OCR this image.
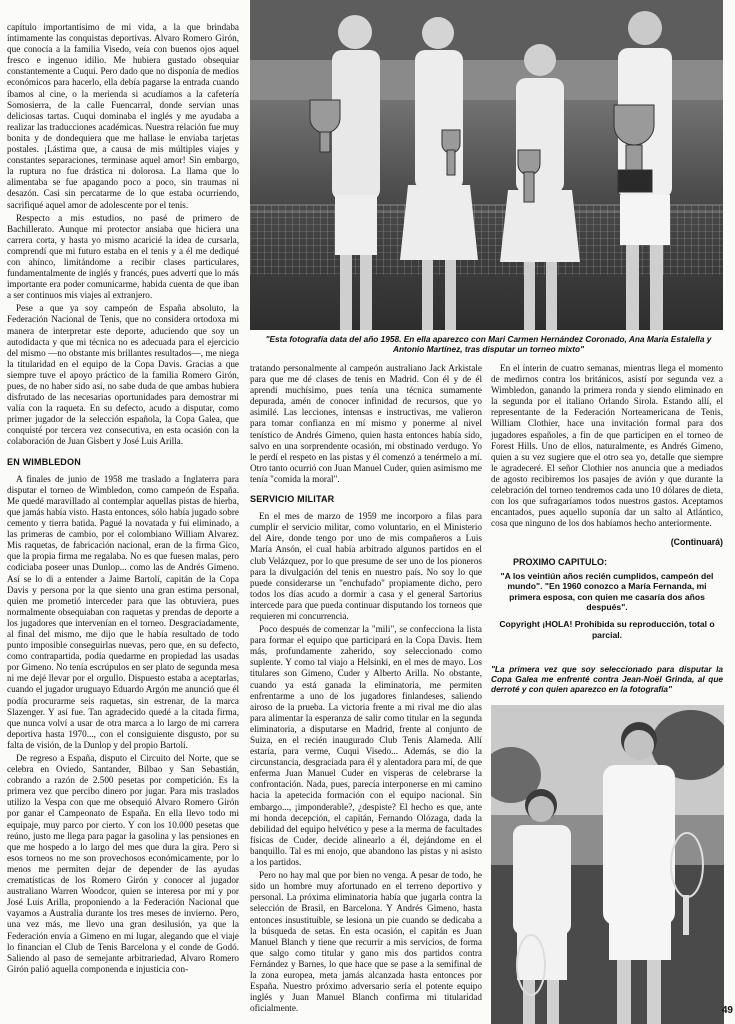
"Esta fotografía data del año 1958. En ella aparezco con Mari Carmen Hernández Coronado, Ana María Estalella y Antonio Martínez, tras disputar un torneo mixto"

capítulo importantísimo de mi vida, a la que brindaba íntimamente las conquistas deportivas. Alvaro Romero Girón, que conocía a la familia Visedo, veía con buenos ojos aquel fresco e ingenuo idilio. Me hubiera gustado obsequiar constantemente a Cuqui. Pero dado que no disponía de medios económicos para hacerlo, ella debía pagarse la entrada cuando íbamos al cine, o la merienda si acudíamos a la cafetería Somosierra, de la calle Fuencarral, donde servían unas deliciosas tartas. Cuqui dominaba el inglés y me ayudaba a realizar las traducciones académicas. Nuestra relación fue muy bonita y de dondequiera que me hallase le enviaba tarjetas postales. ¡Lástima que, a causa de mis múltiples viajes y constantes separaciones, terminase aquel amor! Sin embargo, la ruptura no fue drástica ni dolorosa. La llama que lo alimentaba se fue apagando poco a poco, sin traumas ni desazón. Casi sin percatarme de lo que estaba ocurriendo, sacrifiqué aquel amor de adolescente por el tenis.

Respecto a mis estudios, no pasé de primero de Bachillerato. Aunque mi protector ansiaba que hiciera una carrera corta, y hasta yo mismo acaricié la idea de cursarla, comprendí que mi futuro estaba en el tenis y a él me dediqué con ahínco, limitándome a recibir clases particulares, fundamentalmente de inglés y francés, pues advertí que lo más importante era poder comunicarme, habida cuenta de que iban a ser continuos mis viajes al extranjero.

Pese a que ya soy campeón de España absoluto, la Federación Nacional de Tenis, que no considera ortodoxa mi manera de interpretar este deporte, aduciendo que soy un autodidacta y que mi técnica no es adecuada para el ejercicio del mismo —no obstante mis brillantes resultados—, me niega la titularidad en el equipo de la Copa Davis. Gracias a que siempre tuve el apoyo práctico de la familia Romero Girón, pues, de no haber sido así, no sabe duda de que ambas hubiera disfrutado de las necesarias oportunidades para demostrar mi valía con la raqueta. En su defecto, acudo a disputar, como primer jugador de la selección española, la Copa Galea, que conquisté por tercera vez consecutiva, en esta ocasión con la colaboración de Juan Gisbert y José Luis Arilla.

EN WIMBLEDON

A finales de junio de 1958 me traslado a Inglaterra para disputar el torneo de Wimbledon, como campeón de España. Me quedé maravillado al contemplar aquellas pistas de hierba, que jamás había visto. Hasta entonces, sólo había jugado sobre cemento y tierra batida. Pagué la novatada y fui eliminado, a las primeras de cambio, por el colombiano William Alvarez. Mis raquetas, de fabricación nacional, eran de la firma Gico, que la propia firma me regalaba. No es que fuesen malas, pero codiciaba poseer unas Dunlop... como las de Andrés Gimeno. Así se lo di a entender a Jaime Bartolí, capitán de la Copa Davis y persona por la que siento una gran estima personal, quien me prometió interceder para que las obtuviera, pues normalmente obsequiaban con raquetas y prendas de deporte a los jugadores que intervenían en el torneo. Desgraciadamente, al final del mismo, me dijo que le había resultado de todo punto imposible conseguirlas nuevas, pero que, en su defecto, como contrapartida, podía quedarme en propiedad las usadas por Gimeno. No tenía escrúpulos en ser plato de segunda mesa ni me dejé llevar por el orgullo. Dispuesto estaba a aceptarlas, cuando el jugador uruguayo Eduardo Argón me anunció que él podía procurarme seis raquetas, sin estrenar, de la marca Slazenger. Y así fue. Tan agradecido quedé a la citada firma, que nunca volví a usar de otra marca a lo largo de mi carrera deportiva hasta 1970..., con el consiguiente disgusto, por su falta de visión, de la Dunlop y del propio Bartolí.

De regreso a España, disputo el Circuito del Norte, que se celebra en Oviedo, Santander, Bilbao y San Sebastián, cobrando a razón de 2.500 pesetas por competición. Es la primera vez que percibo dinero por jugar. Para mis traslados utilizo la Vespa con que me obsequió Alvaro Romero Girón por ganar el Campeonato de España. En ella llevo todo mi equipaje, muy parco por cierto. Y con los 10.000 pesetas que reúno, justo me llega para pagar la gasolina y las pensiones en que me hospedo a lo largo del mes que dura la gira. Pero si esos torneos no me son provechosos económicamente, por lo menos me permiten dejar de depender de las ayudas crematísticas de los Romero Girón y conocer al jugador australiano Warren Woodcor, quien se interesa por mí y por José Luis Arilla, proponiendo a la Federación Nacional que vayamos a Australia durante los tres meses de invierno. Pero, una vez más, me llevo una gran desilusión, ya que la Federación envía a Gimeno en mi lugar, alegando que el viaje lo financian el Club de Tenis Barcelona y el conde de Godó. Saliendo al paso de semejante arbitrariedad, Alvaro Romero Girón palió aquella componenda e injusticia con-

tratando personalmente al campeón australiano Jack Arkistale para que me dé clases de tenis en Madrid. Con él y de él aprendí muchísimo, pues tenía una técnica sumamente depurada, amén de conocer infinidad de recursos, que yo asimilé. Las lecciones, intensas e instructivas, me valieron para tomar confianza en mí mismo y ponerme al nivel tenístico de Andrés Gimeno, quien hasta entonces había sido, salvo en una sorprendente ocasión, mi obstinado verdugo. Yo le perdí el respeto en las pistas y él comenzó a tenérmelo a mí. Otro tanto ocurrió con Juan Manuel Cuder, quien asimismo me tenía "comida la moral".

SERVICIO MILITAR

En el mes de marzo de 1959 me incorporo a filas para cumplir el servicio militar, como voluntario, en el Ministerio del Aire, donde tengo por uno de mis compañeros a Luis María Ansón, el cual había arbitrado algunos partidos en el club Velázquez, por lo que presume de ser uno de los pioneros para la divulgación del tenis en nuestro país. No soy lo que puede considerarse un "enchufado" propiamente dicho, pero todos los días acudo a dormir a casa y el general Sartorius intercede para que pueda continuar disputando los torneos que requieren mi concurrencia.

Poco después de comenzar la "mili", se confecciona la lista para formar el equipo que participará en la Copa Davis. Item más, profundamente zaherido, soy seleccionado como suplente. Y como tal viajo a Helsinki, en el mes de mayo. Los titulares son Gimeno, Cuder y Alberto Arilla. No obstante, cuando ya está ganada la eliminatoria, me permiten enfrentarme a uno de los jugadores finlandeses, saliendo airoso de la prueba. La victoria frente a mi rival me dio alas para alimentar la esperanza de salir como titular en la segunda eliminatoria, a disputarse en Madrid, frente al conjunto de Suiza, en el recién inaugurado Club Tenis Alameda. Allí estaría, para verme, Cuqui Visedo... Además, se dio la circunstancia, desgraciada para él y alentadora para mí, de que enferma Juan Manuel Cuder en vísperas de celebrarse la confrontación. Nada, pues, parecía interponerse en mi camino hacia la apetecida formación con el equipo nacional. Sin embargo..., ¡imponderable?, ¿despiste? El hecho es que, ante mi honda decepción, el capitán, Fernando Olózaga, dada la debilidad del equipo helvético y pese a la merma de facultades físicas de Cuder, decide alinearlo a él, dejándome en el banquillo. Tal es mi enojo, que abandono las pistas y ni asisto a los partidos.

Pero no hay mal que por bien no venga. A pesar de todo, he sido un hombre muy afortunado en el terreno deportivo y personal. La próxima eliminatoria había que jugarla contra la selección de Brasil, en Barcelona. Y Andrés Gimeno, hasta entonces insustituible, se lesiona un pie cuando se dedicaba a la búsqueda de setas. En esta ocasión, el capitán es Juan Manuel Blanch y tiene que recurrir a mis servicios, de forma que salgo como titular y gano mis dos partidos contra Fernández y Barnes, lo que hace que se pase a la semifinal de la zona europea, meta jamás alcanzada hasta entonces por España. Nuestro próximo adversario sería el potente equipo inglés y Juan Manuel Blanch confirma mi titularidad oficialmente.

En el ínterin de cuatro semanas, mientras llega el momento de medirnos contra los británicos, asistí por segunda vez a Wimbledon, ganando la primera ronda y siendo eliminado en la segunda por el italiano Orlando Sirola. Estando allí, el representante de la Federación Norteamericana de Tenis, William Clothier, hace una invitación formal para dos jugadores españoles, a fin de que participen en el torneo de Forest Hills. Uno de ellos, naturalmente, es Andrés Gimeno, quien a su vez sugiere que el otro sea yo, detalle que siempre le agradeceré. El señor Clothier nos anuncia que a mediados de agosto recibiremos los pasajes de avión y que durante la celebración del torneo tendremos cada uno 10 dólares de dieta, con los que sufragaríamos todos nuestros gastos. Aceptamos encantados, pues aquello suponía dar un salto al Atlántico, cosa que ninguno de los dos habíamos hecho anteriormente.

(Continuará)
PROXIMO CAPITULO:
"A los veintiún años recién cumplidos, campeón del mundo". "En 1960 conozco a María Fernanda, mi primera esposa, con quien me casaría dos años después".
Copyright ¡HOLA! Prohibida su reproducción, total o parcial.
"La primera vez que soy seleccionado para disputar la Copa Galea me enfrenté contra Jean-Noël Grinda, al que derroté y con quien aparezco en la fotografía"
49
